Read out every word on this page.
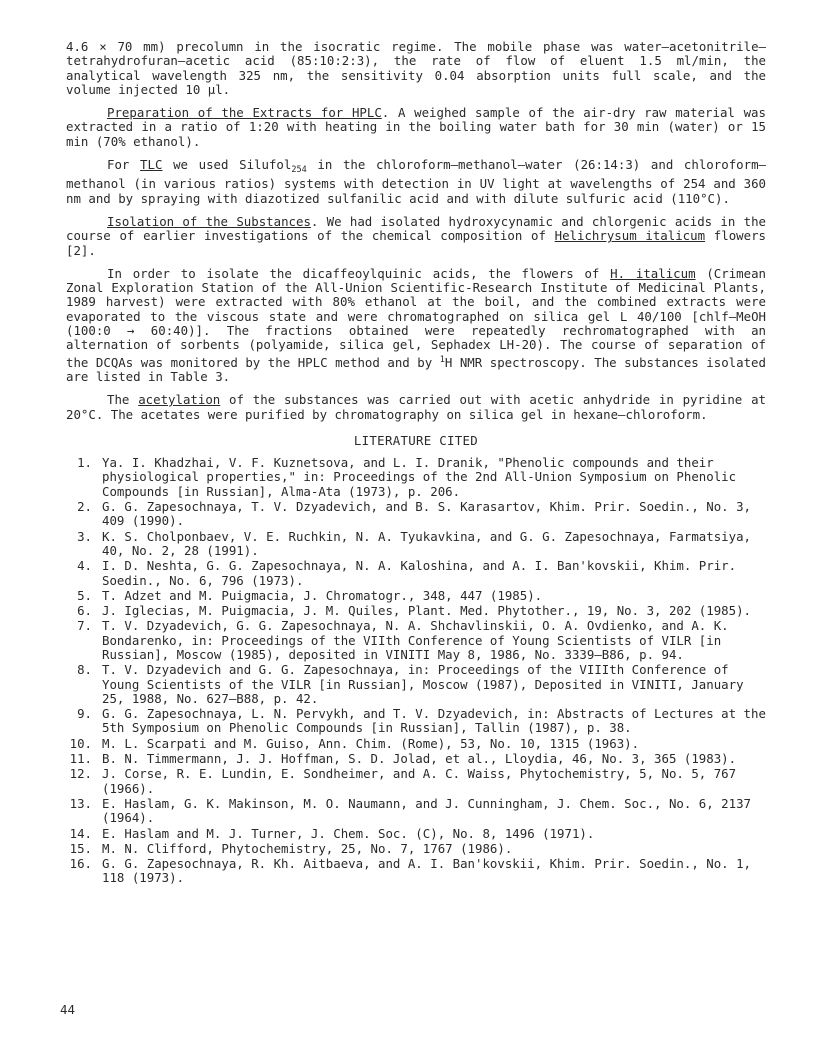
4.6 × 70 mm) precolumn in the isocratic regime. The mobile phase was water–acetonitrile–tetrahydrofuran–acetic acid (85:10:2:3), the rate of flow of eluent 1.5 ml/min, the analytical wavelength 325 nm, the sensitivity 0.04 absorption units full scale, and the volume injected 10 μl.

Preparation of the Extracts for HPLC. A weighed sample of the air-dry raw material was extracted in a ratio of 1:20 with heating in the boiling water bath for 30 min (water) or 15 min (70% ethanol).

For TLC we used Silufol$_{254}$ in the chloroform–methanol–water (26:14:3) and chloroform–methanol (in various ratios) systems with detection in UV light at wavelengths of 254 and 360 nm and by spraying with diazotized sulfanilic acid and with dilute sulfuric acid (110°C).

Isolation of the Substances. We had isolated hydroxycynamic and chlorgenic acids in the course of earlier investigations of the chemical composition of Helichrysum italicum flowers [2].

In order to isolate the dicaffeoylquinic acids, the flowers of H. italicum (Crimean Zonal Exploration Station of the All-Union Scientific-Research Institute of Medicinal Plants, 1989 harvest) were extracted with 80% ethanol at the boil, and the combined extracts were evaporated to the viscous state and were chromatographed on silica gel L 40/100 [chlf–MeOH (100:0 → 60:40)]. The fractions obtained were repeatedly rechromatographed with an alternation of sorbents (polyamide, silica gel, Sephadex LH-20). The course of separation of the DCQAs was monitored by the HPLC method and by $^1$H NMR spectroscopy. The substances isolated are listed in Table 3.

The acetylation of the substances was carried out with acetic anhydride in pyridine at 20°C. The acetates were purified by chromatography on silica gel in hexane–chloroform.

LITERATURE CITED
1. Ya. I. Khadzhai, V. F. Kuznetsova, and L. I. Dranik, "Phenolic compounds and their physiological properties," in: Proceedings of the 2nd All-Union Symposium on Phenolic Compounds [in Russian], Alma-Ata (1973), p. 206.
2. G. G. Zapesochnaya, T. V. Dzyadevich, and B. S. Karasartov, Khim. Prir. Soedin., No. 3, 409 (1990).
3. K. S. Cholponbaev, V. E. Ruchkin, N. A. Tyukavkina, and G. G. Zapesochnaya, Farmatsiya, 40, No. 2, 28 (1991).
4. I. D. Neshta, G. G. Zapesochnaya, N. A. Kaloshina, and A. I. Ban'kovskii, Khim. Prir. Soedin., No. 6, 796 (1973).
5. T. Adzet and M. Puigmacia, J. Chromatogr., 348, 447 (1985).
6. J. Iglecias, M. Puigmacia, J. M. Quiles, Plant. Med. Phytother., 19, No. 3, 202 (1985).
7. T. V. Dzyadevich, G. G. Zapesochnaya, N. A. Shchavlinskii, O. A. Ovdienko, and A. K. Bondarenko, in: Proceedings of the VIIth Conference of Young Scientists of VILR [in Russian], Moscow (1985), deposited in VINITI May 8, 1986, No. 3339–B86, p. 94.
8. T. V. Dzyadevich and G. G. Zapesochnaya, in: Proceedings of the VIIIth Conference of Young Scientists of the VILR [in Russian], Moscow (1987), Deposited in VINITI, January 25, 1988, No. 627–B88, p. 42.
9. G. G. Zapesochnaya, L. N. Pervykh, and T. V. Dzyadevich, in: Abstracts of Lectures at the 5th Symposium on Phenolic Compounds [in Russian], Tallin (1987), p. 38.
10. M. L. Scarpati and M. Guiso, Ann. Chim. (Rome), 53, No. 10, 1315 (1963).
11. B. N. Timmermann, J. J. Hoffman, S. D. Jolad, et al., Lloydia, 46, No. 3, 365 (1983).
12. J. Corse, R. E. Lundin, E. Sondheimer, and A. C. Waiss, Phytochemistry, 5, No. 5, 767 (1966).
13. E. Haslam, G. K. Makinson, M. O. Naumann, and J. Cunningham, J. Chem. Soc., No. 6, 2137 (1964).
14. E. Haslam and M. J. Turner, J. Chem. Soc. (C), No. 8, 1496 (1971).
15. M. N. Clifford, Phytochemistry, 25, No. 7, 1767 (1986).
16. G. G. Zapesochnaya, R. Kh. Aitbaeva, and A. I. Ban'kovskii, Khim. Prir. Soedin., No. 1, 118 (1973).
44
